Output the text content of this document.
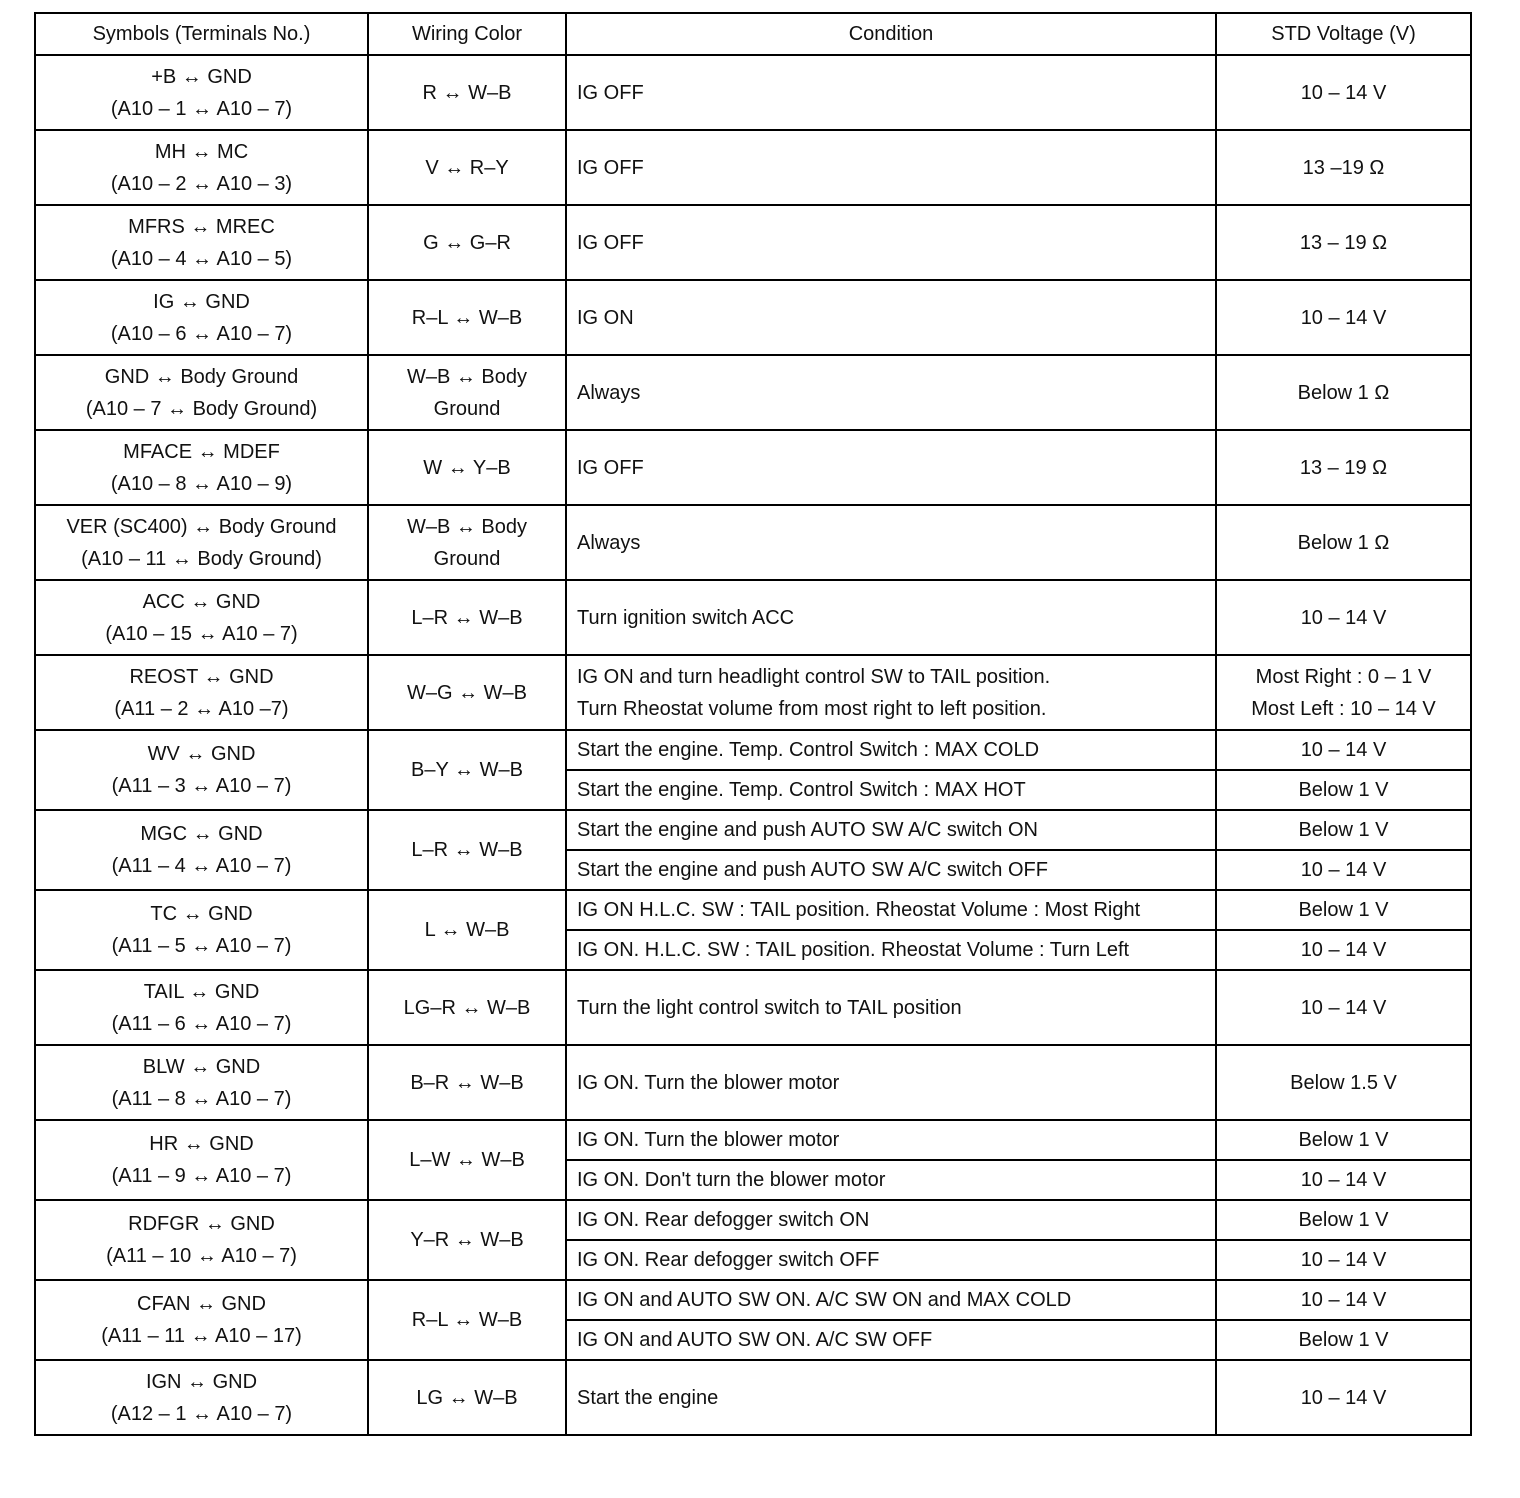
Symbols (Terminals No.)	Wiring Color	Condition	STD Voltage (V)

+B ↔ GND
(A10 – 1 ↔ A10 – 7)	R ↔ W–B	IG OFF	10 – 14 V

MH ↔ MC
(A10 – 2 ↔ A10 – 3)	V ↔ R–Y	IG OFF	13 –19 Ω

MFRS ↔ MREC
(A10 – 4 ↔ A10 – 5)	G ↔ G–R	IG OFF	13 – 19 Ω

IG ↔ GND
(A10 – 6 ↔ A10 – 7)	R–L ↔ W–B	IG ON	10 – 14 V

GND ↔ Body Ground
(A10 – 7 ↔ Body Ground)	W–B ↔ Body
Ground	Always	Below 1 Ω

MFACE ↔ MDEF
(A10 – 8 ↔ A10 – 9)	W ↔ Y–B	IG OFF	13 – 19 Ω

VER (SC400) ↔ Body Ground
(A10 – 11 ↔ Body Ground)	W–B ↔ Body
Ground	Always	Below 1 Ω

ACC ↔ GND
(A10 – 15 ↔ A10 – 7)	L–R ↔ W–B	Turn ignition switch ACC	10 – 14 V

REOST ↔ GND
(A11 – 2 ↔ A10 –7)	W–G ↔ W–B	IG ON and turn headlight control SW to TAIL position.
Turn Rheostat volume from most right to left position.	Most Right : 0 – 1 V
Most Left : 10 – 14 V

WV ↔ GND
(A11 – 3 ↔ A10 – 7)	B–Y ↔ W–B	Start the engine. Temp. Control Switch : MAX COLD	10 – 14 V

		Start the engine. Temp. Control Switch : MAX HOT	Below 1 V

MGC ↔ GND
(A11 – 4 ↔ A10 – 7)	L–R ↔ W–B	Start the engine and push AUTO SW A/C switch ON	Below 1 V

		Start the engine and push AUTO SW A/C switch OFF	10 – 14 V

TC ↔ GND
(A11 – 5 ↔ A10 – 7)	L ↔ W–B	IG ON H.L.C. SW : TAIL position. Rheostat Volume : Most Right	Below 1 V

		IG ON. H.L.C. SW : TAIL position. Rheostat Volume : Turn Left	10 – 14 V

TAIL ↔ GND
(A11 – 6 ↔ A10 – 7)	LG–R ↔ W–B	Turn the light control switch to TAIL position	10 – 14 V

BLW ↔ GND
(A11 – 8 ↔ A10 – 7)	B–R ↔ W–B	IG ON. Turn the blower motor	Below 1.5 V

HR ↔ GND
(A11 – 9 ↔ A10 – 7)	L–W ↔ W–B	IG ON. Turn the blower motor	Below 1 V

		IG ON. Don't turn the blower motor	10 – 14 V

RDFGR ↔ GND
(A11 – 10 ↔ A10 – 7)	Y–R ↔ W–B	IG ON. Rear defogger switch ON	Below 1 V

		IG ON. Rear defogger switch OFF	10 – 14 V

CFAN ↔ GND
(A11 – 11 ↔ A10 – 17)	R–L ↔ W–B	IG ON and AUTO SW ON. A/C SW ON and MAX COLD	10 – 14 V

		IG ON and AUTO SW ON. A/C SW OFF	Below 1 V

IGN ↔ GND
(A12 – 1 ↔ A10 – 7)	LG ↔ W–B	Start the engine	10 – 14 V
